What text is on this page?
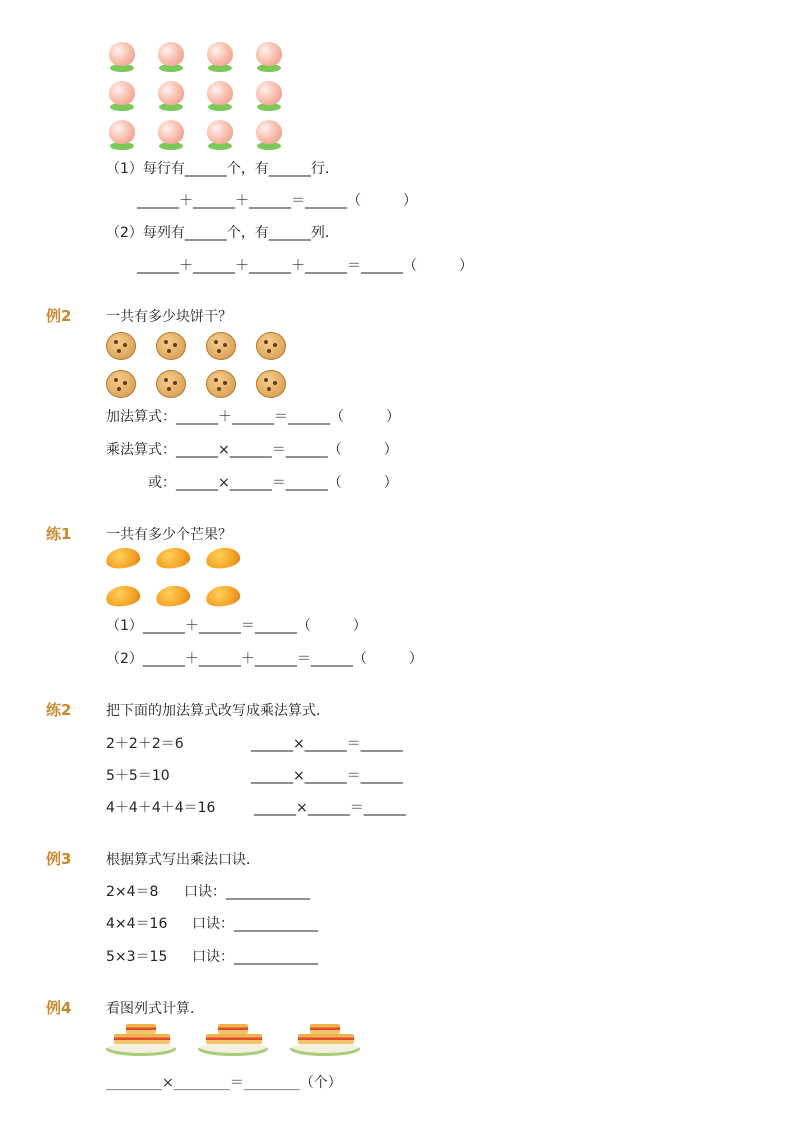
（1）每行有______个，有______行．
______＋______＋______＝______（　　　）
（2）每列有______个，有______列．
______＋______＋______＋______＝______（　　　）
例2 一共有多少块饼干？
加法算式：______＋______＝______（　　　）
乘法算式：______×______＝______（　　　）
或：______×______＝______（　　　）
练1 一共有多少个芒果？
（1）______＋______＝______（　　　）
（2）______＋______＋______＝______（　　　）
练2 把下面的加法算式改写成乘法算式．
2＋2＋2＝6	______×______＝______
5＋5＝10	______×______＝______
4＋4＋4＋4＝16	______×______＝______
例3 根据算式写出乘法口诀．
2×4＝8 口诀：____________
4×4＝16 口诀：____________
5×3＝15 口诀：____________
例4 看图列式计算．
________×________＝________（个）
